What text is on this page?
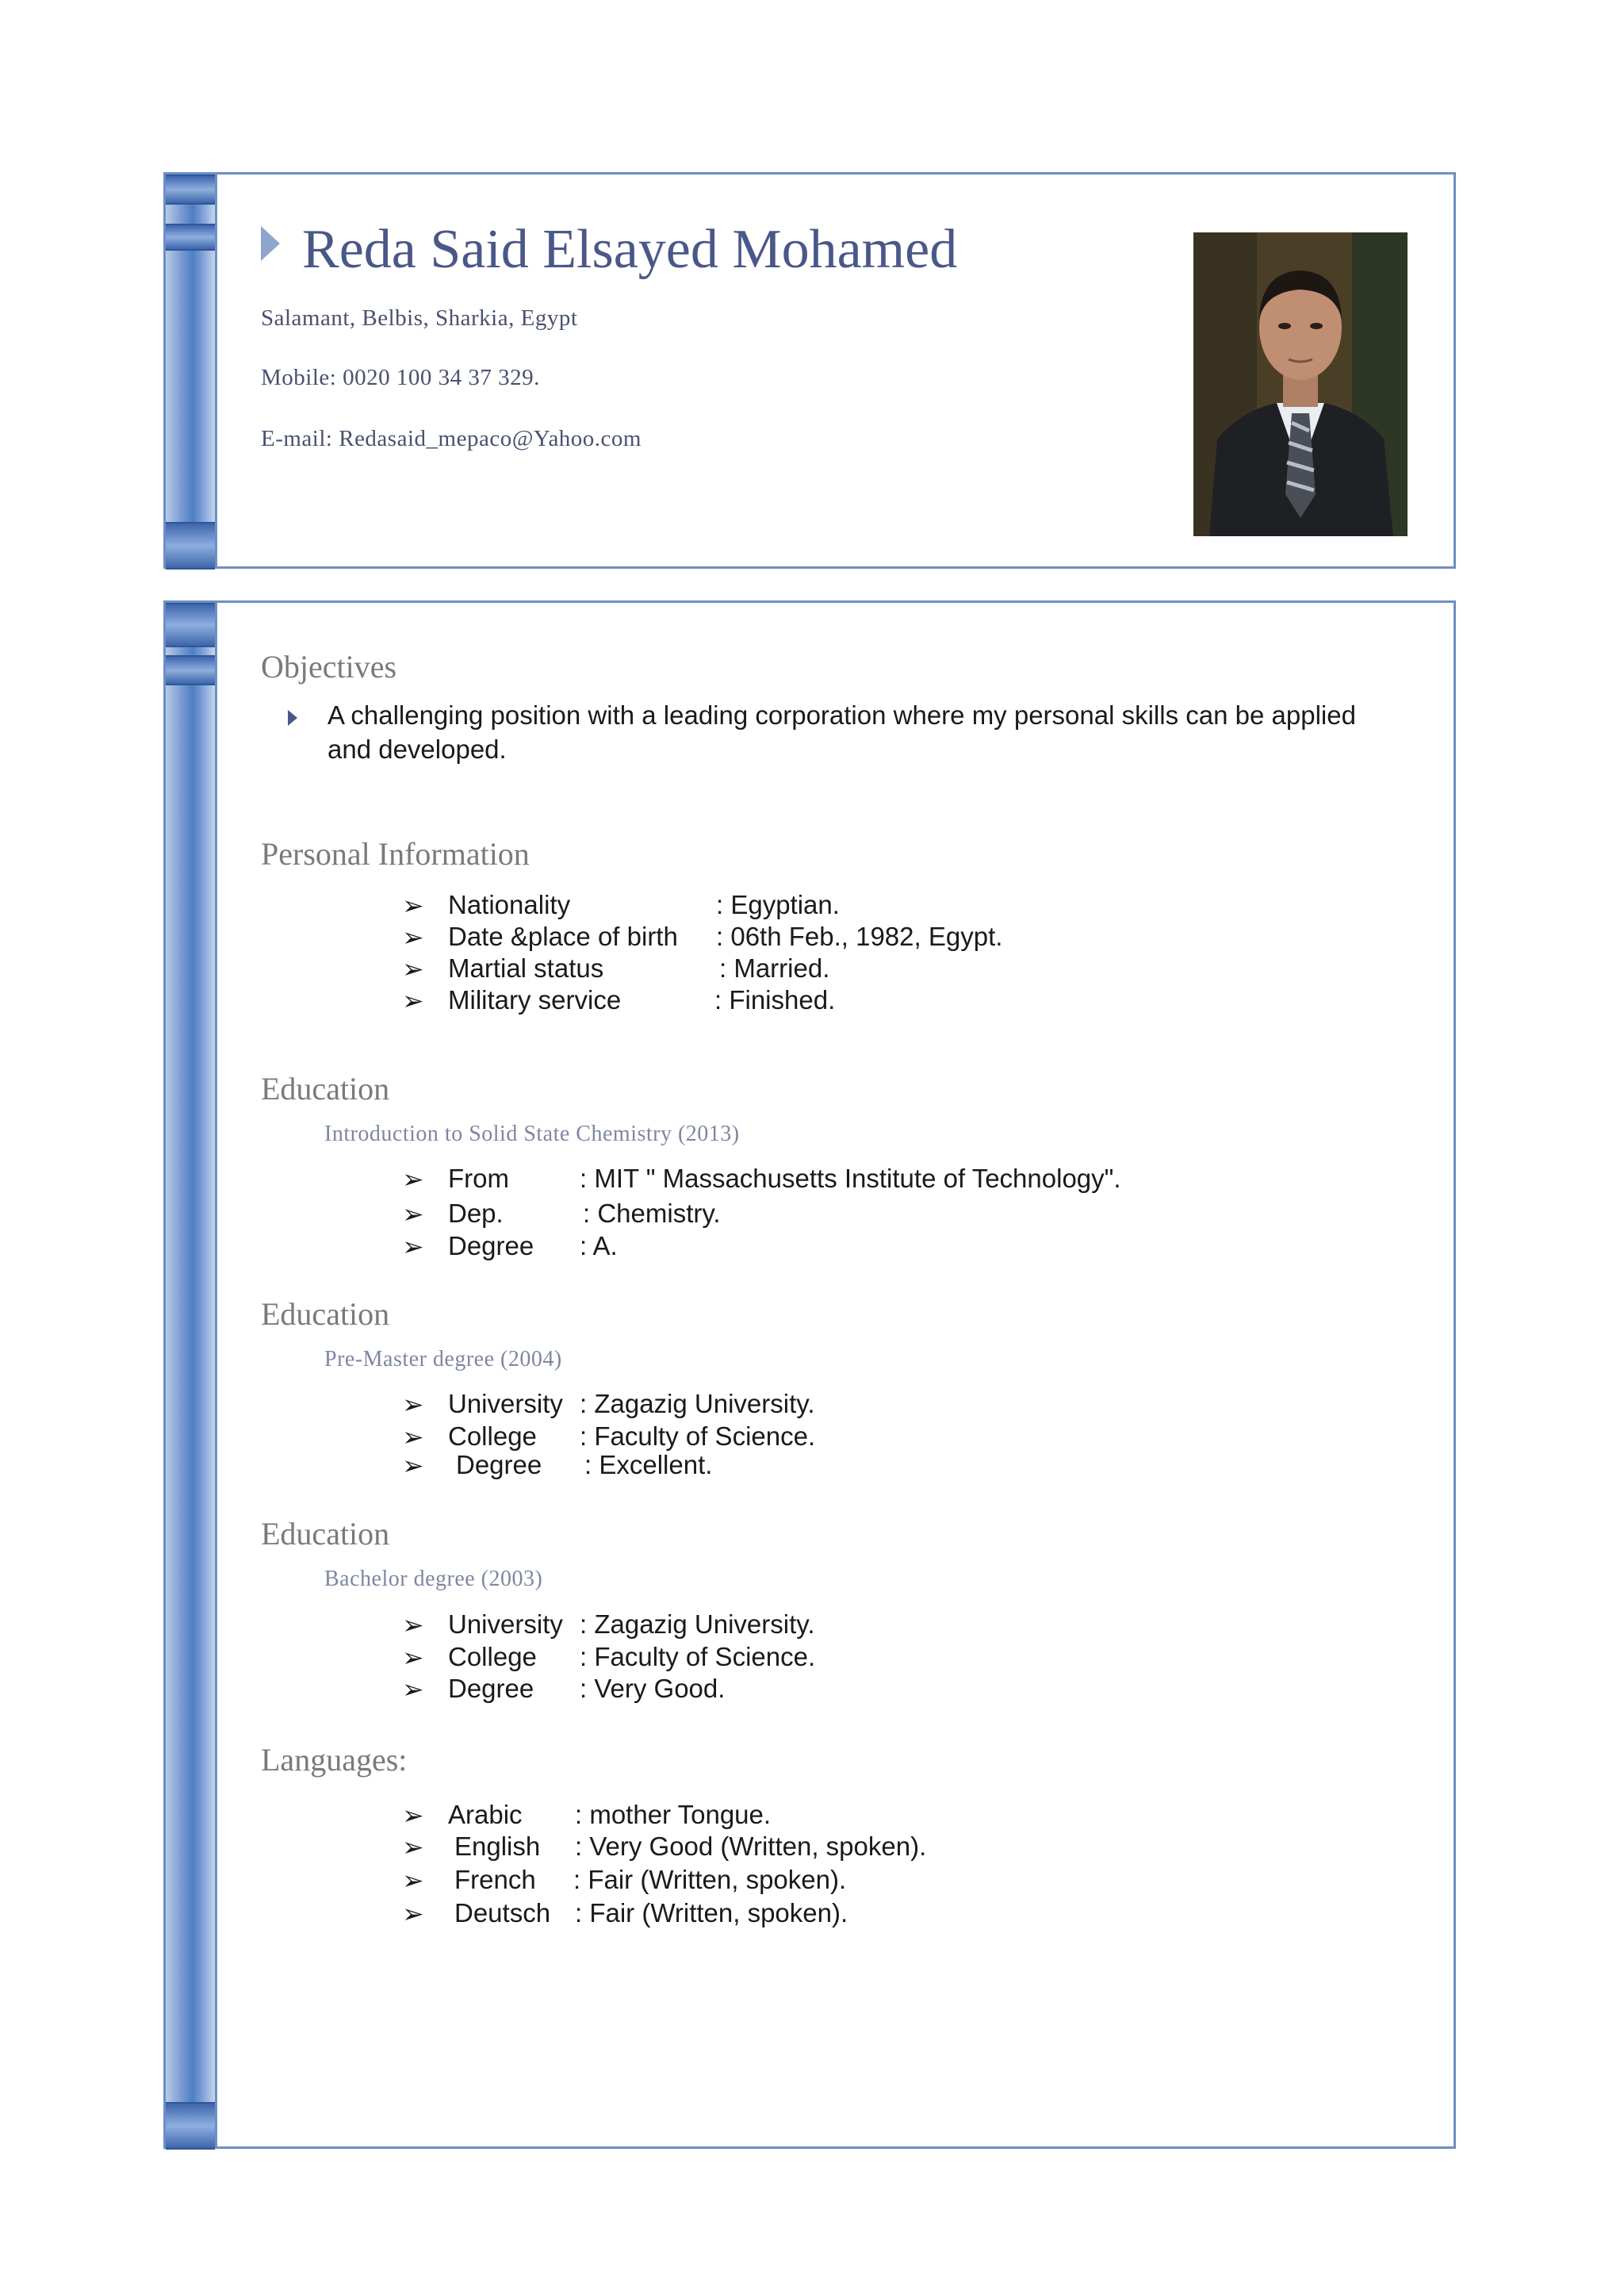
Reda Said Elsayed Mohamed
Salamant, Belbis, Sharkia, Egypt
Mobile: 0020 100 34 37 329.
E-mail: Redasaid_mepaco@Yahoo.com
Objectives
A challenging position with a leading corporation where my personal skills can be applied and developed.
Personal Information
➢ Nationality	: Egyptian.
➢ Date &place of birth : 06th Feb., 1982, Egypt.
➢ Martial status	: Married.
➢ Military service	: Finished.
Education
Introduction to Solid State Chemistry (2013)
➢ From	: MIT " Massachusetts Institute of Technology".
➢ Dep.	: Chemistry.
➢ Degree : A.
Education
Pre-Master degree (2004)
➢ University : Zagazig University.
➢ College : Faculty of Science.
➢ Degree : Excellent.
Education
Bachelor degree (2003)
➢ University : Zagazig University.
➢ College : Faculty of Science.
➢ Degree : Very Good.
Languages:
➢ Arabic : mother Tongue.
➢ English : Very Good (Written, spoken).
➢ French : Fair (Written, spoken).
➢ Deutsch : Fair (Written, spoken).
